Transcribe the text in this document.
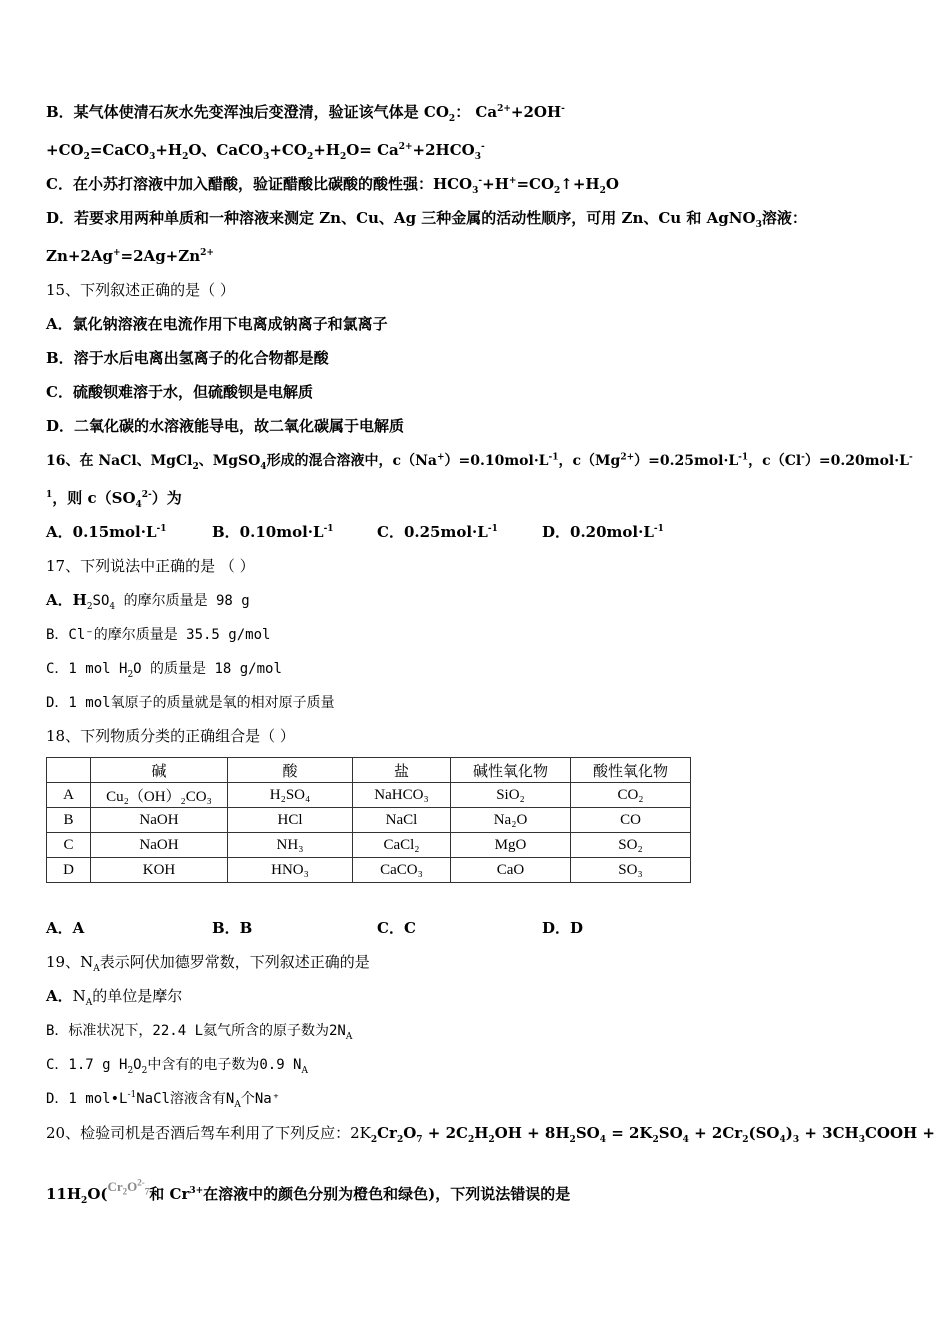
B．某气体使清石灰水先变浑浊后变澄清，验证该气体是 $CO_2$： $Ca^{2+}+2OH^-$
$+CO_2=CaCO_3+H_2O$、$CaCO_3+CO_2+H_2O= Ca^{2+}+2HCO_3^-$
C．在小苏打溶液中加入醋酸，验证醋酸比碳酸的酸性强：$HCO_3^-+H^+=CO_2↑+H_2O$
D．若要求用两种单质和一种溶液来测定 Zn、Cu、Ag 三种金属的活动性顺序，可用 Zn、Cu 和 AgNO$_3$溶液：
$Zn+2Ag^+=2Ag+Zn^{2+}$
15、下列叙述正确的是（ ）
A．氯化钠溶液在电流作用下电离成钠离子和氯离子
B．溶于水后电离出氢离子的化合物都是酸
C．硫酸钡难溶于水，但硫酸钡是电解质
D．二氧化碳的水溶液能导电，故二氧化碳属于电解质
16、在 NaCl、MgCl$_2$、MgSO$_4$形成的混合溶液中，$c(Na^+)=0.10mol\cdot L^{-1}$，$c(Mg^{2+})=0.25mol\cdot L^{-1}$，c（Cl-）=0.20mol·L-
$^1$，则 $c(SO_4^{2-})$为
A．$0.15mol\cdot L^{-1}$	B．$0.10mol\cdot L^{-1}$	C．$0.25mol\cdot L^{-1}$	D．$0.20mol\cdot L^{-1}$
17、下列说法中正确的是 （ ）
A．$H_2SO_4$ 的摩尔质量是 98 g
B．Cl⁻的摩尔质量是 35.5 g/mol
C．1 mol $H_2O$ 的质量是 18 g/mol
D．1 mol氧原子的质量就是氧的相对原子质量
18、下列物质分类的正确组合是（ ）
	碱	酸	盐	碱性氧化物	酸性氧化物
A	Cu₂（OH）₂CO₃	H₂SO₄	NaHCO₃	SiO₂	CO₂
B	NaOH	HCl	NaCl	Na₂O	CO
C	NaOH	NH₃	CaCl₂	MgO	SO₂
D	KOH	HNO₃	CaCO₃	CaO	SO₃
A．A	B．B	C．C	D．D
19、$N_A$表示阿伏加德罗常数，下列叙述正确的是
A．$N_A$的单位是摩尔
B．标准状况下，22.4 L氦气所含的原子数为$2N_A$
C．1.7 g $H_2O_2$中含有的电子数为0.9 $N_A$
D．1 $mol•L^{-1}NaCl$溶液含有$N_A$个Na⁺
20、检验司机是否酒后驾车利用了下列反应：$2K_2Cr_2O_7 + 2C_2H_2OH + 8H_2SO_4 = 2K_2SO_4 + 2Cr_2(SO_4)_3$ + $3CH_3COOH$ +
$11H_2O(Cr_2O^{2-}_7$和 $Cr^{3+}$在溶液中的颜色分别为橙色和绿色)，下列说法错误的是
